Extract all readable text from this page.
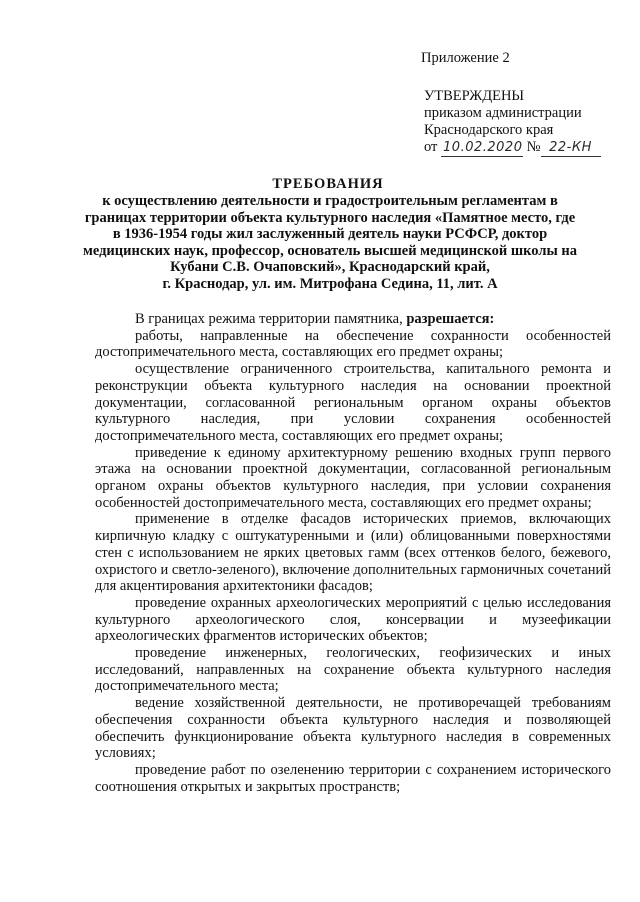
Приложение 2
УТВЕРЖДЕНЫ
приказом администрации
Краснодарского края
от 10.02.2020 № 22-КН
ТРЕБОВАНИЯ
к осуществлению деятельности и градостроительным регламентам в
границах территории объекта культурного наследия «Памятное место, где
в 1936-1954 годы жил заслуженный деятель науки РСФСР, доктор
медицинских наук, профессор, основатель высшей медицинской школы на
Кубани С.В. Очаповский», Краснодарский край,
г. Краснодар, ул. им. Митрофана Седина, 11, лит. А

В границах режима территории памятника, разрешается:

работы, направленные на обеспечение сохранности особенностей достопримечательного места, составляющих его предмет охраны;

осуществление ограниченного строительства, капитального ремонта и реконструкции объекта культурного наследия на основании проектной документации, согласованной региональным органом охраны объектов культурного наследия, при условии сохранения особенностей достопримечательного места, составляющих его предмет охраны;

приведение к единому архитектурному решению входных групп первого этажа на основании проектной документации, согласованной региональным органом охраны объектов культурного наследия, при условии сохранения особенностей достопримечательного места, составляющих его предмет охраны;

применение в отделке фасадов исторических приемов, включающих кирпичную кладку с оштукатуренными и (или) облицованными поверхностями стен с использованием не ярких цветовых гамм (всех оттенков белого, бежевого, охристого и светло-зеленого), включение дополнительных гармоничных сочетаний для акцентирования архитектоники фасадов;

проведение охранных археологических мероприятий с целью исследования культурного археологического слоя, консервации и музеефикации археологических фрагментов исторических объектов;

проведение инженерных, геологических, геофизических и иных исследований, направленных на сохранение объекта культурного наследия достопримечательного места;

ведение хозяйственной деятельности, не противоречащей требованиям обеспечения сохранности объекта культурного наследия и позволяющей обеспечить функционирование объекта культурного наследия в современных условиях;

проведение работ по озеленению территории с сохранением исторического соотношения открытых и закрытых пространств;
